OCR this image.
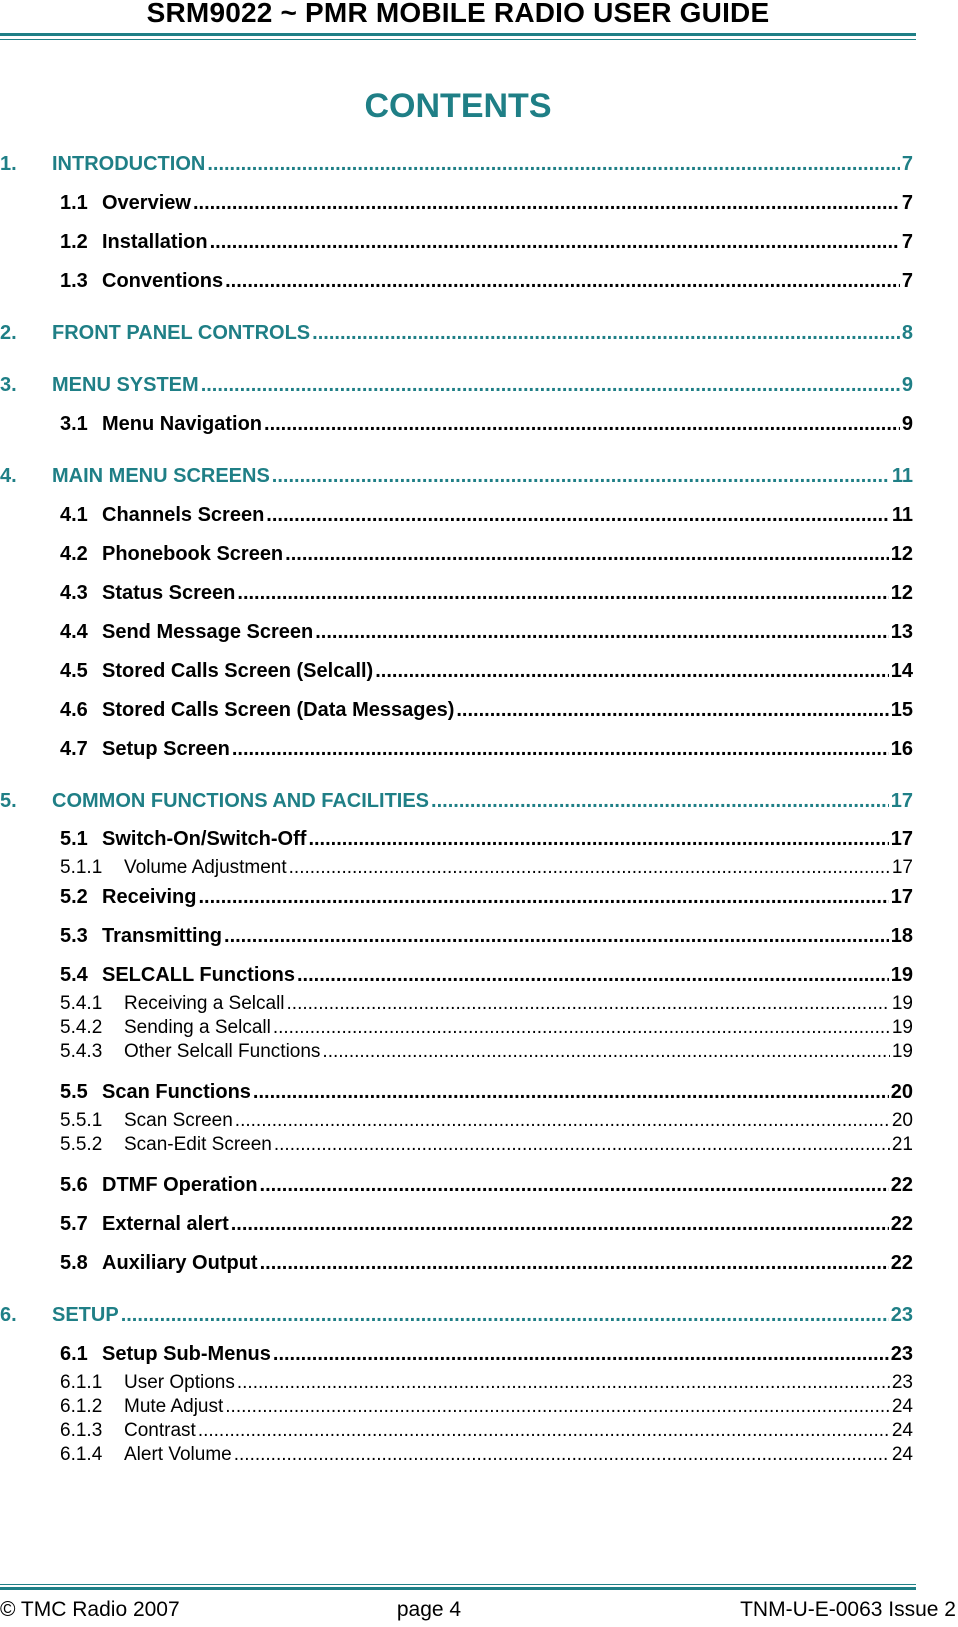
SRM9022 ~ PMR MOBILE RADIO USER GUIDE
CONTENTS
1.	INTRODUCTION .....	7
1.1 Overview .....	7
1.2 Installation .....	7
1.3 Conventions .....	7
2.	FRONT PANEL CONTROLS .....	8
3.	MENU SYSTEM .....	9
3.1 Menu Navigation .....	9
4.	MAIN MENU SCREENS .....	11
4.1 Channels Screen .....	11
4.2 Phonebook Screen .....	12
4.3 Status Screen .....	12
4.4 Send Message Screen .....	13
4.5 Stored Calls Screen (Selcall) .....	14
4.6 Stored Calls Screen (Data Messages) .....	15
4.7 Setup Screen .....	16
5.	COMMON FUNCTIONS AND FACILITIES .....	17
5.1 Switch-On/Switch-Off .....	17
5.1.1	Volume Adjustment .....	17
5.2 Receiving .....	17
5.3 Transmitting .....	18
5.4 SELCALL Functions .....	19
5.4.1	Receiving a Selcall .....	19
5.4.2	Sending a Selcall .....	19
5.4.3	Other Selcall Functions .....	19
5.5 Scan Functions .....	20
5.5.1	Scan Screen .....	20
5.5.2	Scan-Edit Screen .....	21
5.6 DTMF Operation .....	22
5.7 External alert .....	22
5.8 Auxiliary Output .....	22
6.	SETUP .....	23
6.1 Setup Sub-Menus .....	23
6.1.1	User Options .....	23
6.1.2	Mute Adjust .....	24
6.1.3	Contrast .....	24
6.1.4	Alert Volume .....	24
© TMC Radio 2007	page 4	TNM-U-E-0063 Issue 2
